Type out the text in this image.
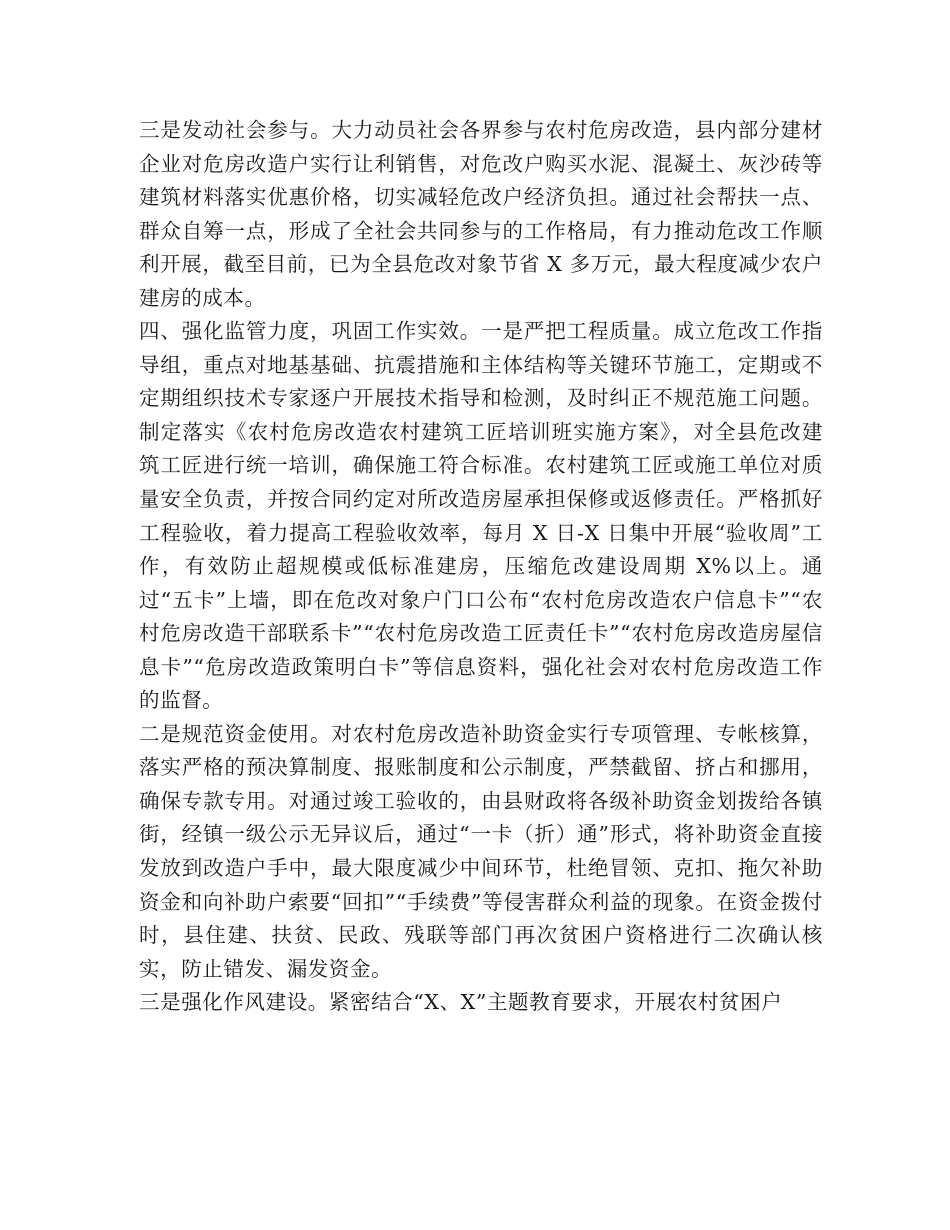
三是发动社会参与。大力动员社会各界参与农村危房改造，县内部分建材企业对危房改造户实行让利销售，对危改户购买水泥、混凝土、灰沙砖等建筑材料落实优惠价格，切实减轻危改户经济负担。通过社会帮扶一点、群众自筹一点，形成了全社会共同参与的工作格局，有力推动危改工作顺利开展，截至目前，已为全县危改对象节省 X 多万元，最大程度减少农户建房的成本。

四、强化监管力度，巩固工作实效。一是严把工程质量。成立危改工作指导组，重点对地基基础、抗震措施和主体结构等关键环节施工，定期或不定期组织技术专家逐户开展技术指导和检测，及时纠正不规范施工问题。制定落实《农村危房改造农村建筑工匠培训班实施方案》，对全县危改建筑工匠进行统一培训，确保施工符合标准。农村建筑工匠或施工单位对质量安全负责，并按合同约定对所改造房屋承担保修或返修责任。严格抓好工程验收，着力提高工程验收效率，每月 X 日-X 日集中开展“验收周”工作，有效防止超规模或低标准建房，压缩危改建设周期 X%以上。通过“五卡”上墙，即在危改对象户门口公布“农村危房改造农户信息卡”“农村危房改造干部联系卡”“农村危房改造工匠责任卡”“农村危房改造房屋信息卡”“危房改造政策明白卡”等信息资料，强化社会对农村危房改造工作的监督。

二是规范资金使用。对农村危房改造补助资金实行专项管理、专帐核算，落实严格的预决算制度、报账制度和公示制度，严禁截留、挤占和挪用，确保专款专用。对通过竣工验收的，由县财政将各级补助资金划拨给各镇街，经镇一级公示无异议后，通过“一卡（折）通”形式，将补助资金直接发放到改造户手中，最大限度减少中间环节，杜绝冒领、克扣、拖欠补助资金和向补助户索要“回扣”“手续费”等侵害群众利益的现象。在资金拨付时，县住建、扶贫、民政、残联等部门再次贫困户资格进行二次确认核实，防止错发、漏发资金。

三是强化作风建设。紧密结合“X、X”主题教育要求，开展农村贫困户
